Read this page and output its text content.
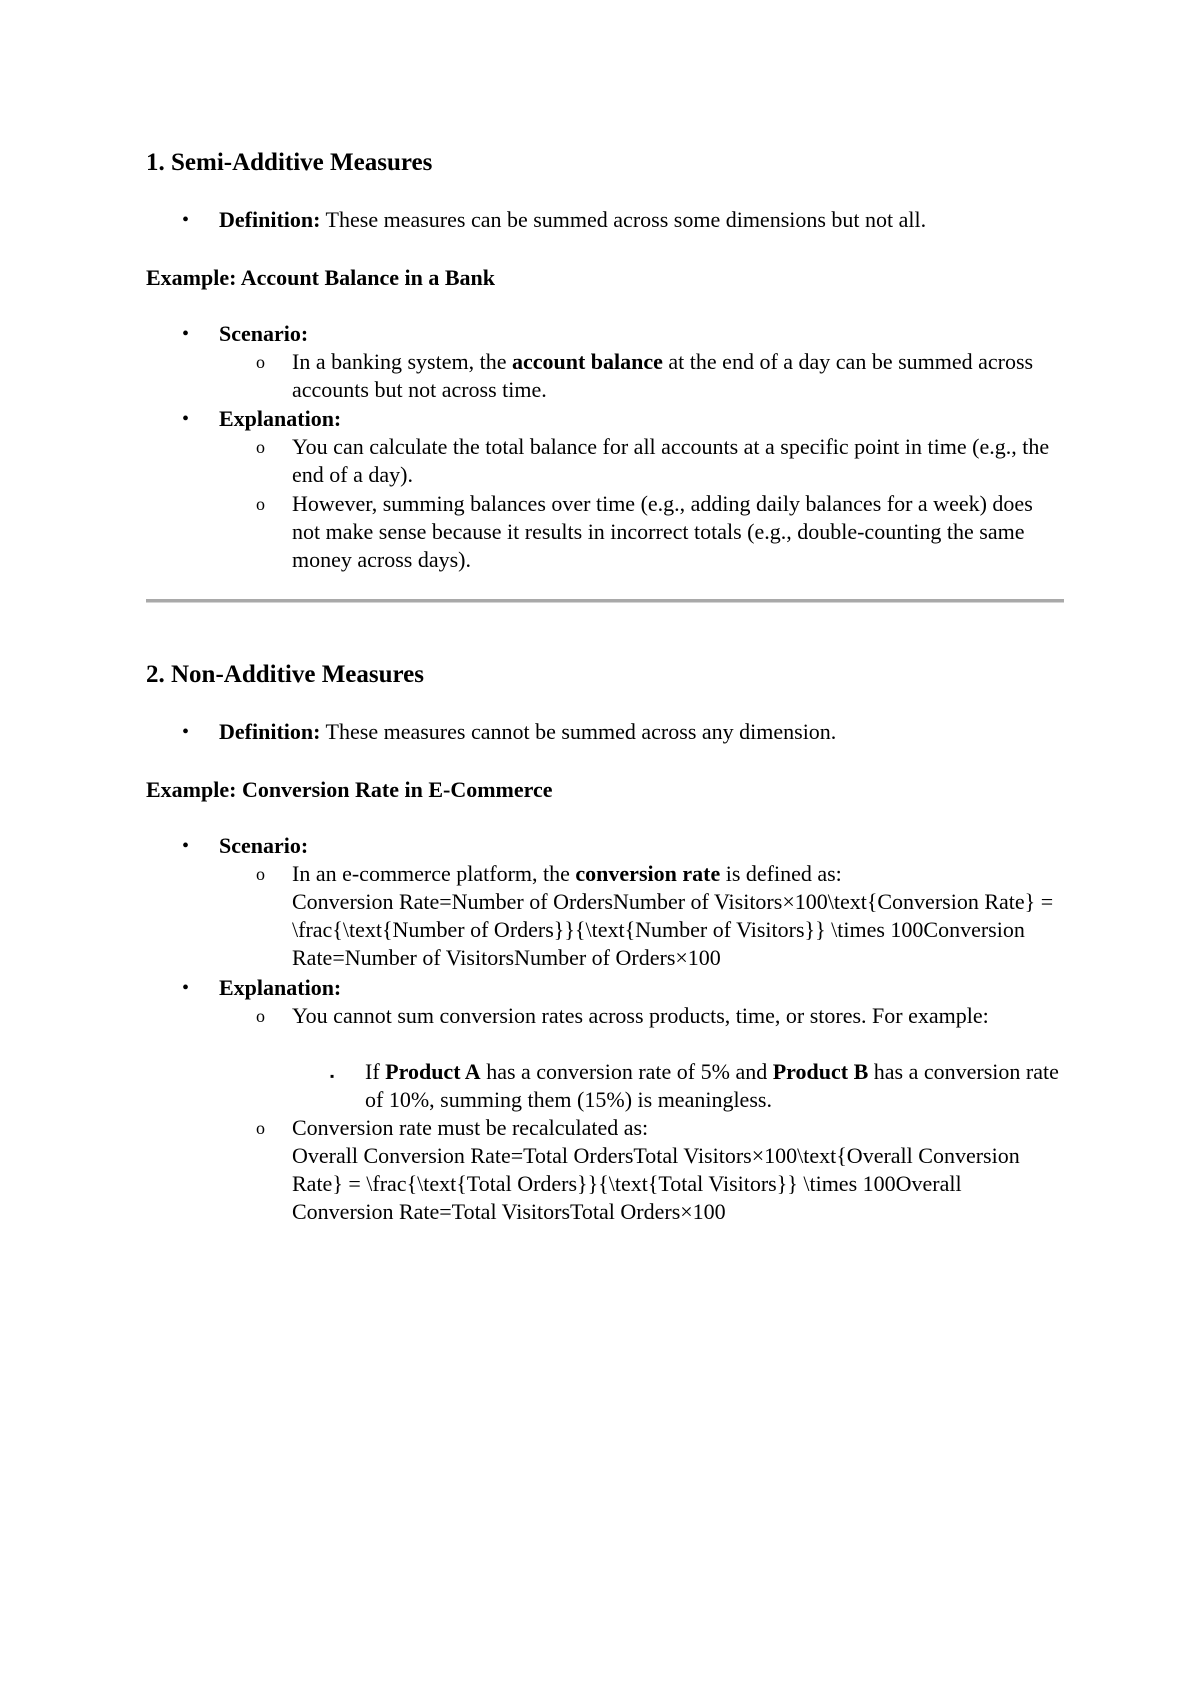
1. Semi-Additive Measures
• Definition: These measures can be summed across some dimensions but not all.
Example: Account Balance in a Bank
• Scenario:
o In a banking system, the account balance at the end of a day can be summed across accounts but not across time.
• Explanation:
o You can calculate the total balance for all accounts at a specific point in time (e.g., the end of a day).
o However, summing balances over time (e.g., adding daily balances for a week) does not make sense because it results in incorrect totals (e.g., double-counting the same money across days).
2. Non-Additive Measures
• Definition: These measures cannot be summed across any dimension.
Example: Conversion Rate in E-Commerce
• Scenario:
o In an e-commerce platform, the conversion rate is defined as:
Conversion Rate=Number of OrdersNumber of Visitors×100\text{Conversion Rate} = \frac{\text{Number of Orders}}{\text{Number of Visitors}} \times 100Conversion Rate=Number of VisitorsNumber of Orders×100
• Explanation:
o You cannot sum conversion rates across products, time, or stores. For example:
▪ If Product A has a conversion rate of 5% and Product B has a conversion rate of 10%, summing them (15%) is meaningless.
o Conversion rate must be recalculated as:
Overall Conversion Rate=Total OrdersTotal Visitors×100\text{Overall Conversion Rate} = \frac{\text{Total Orders}}{\text{Total Visitors}} \times 100Overall Conversion Rate=Total VisitorsTotal Orders×100
